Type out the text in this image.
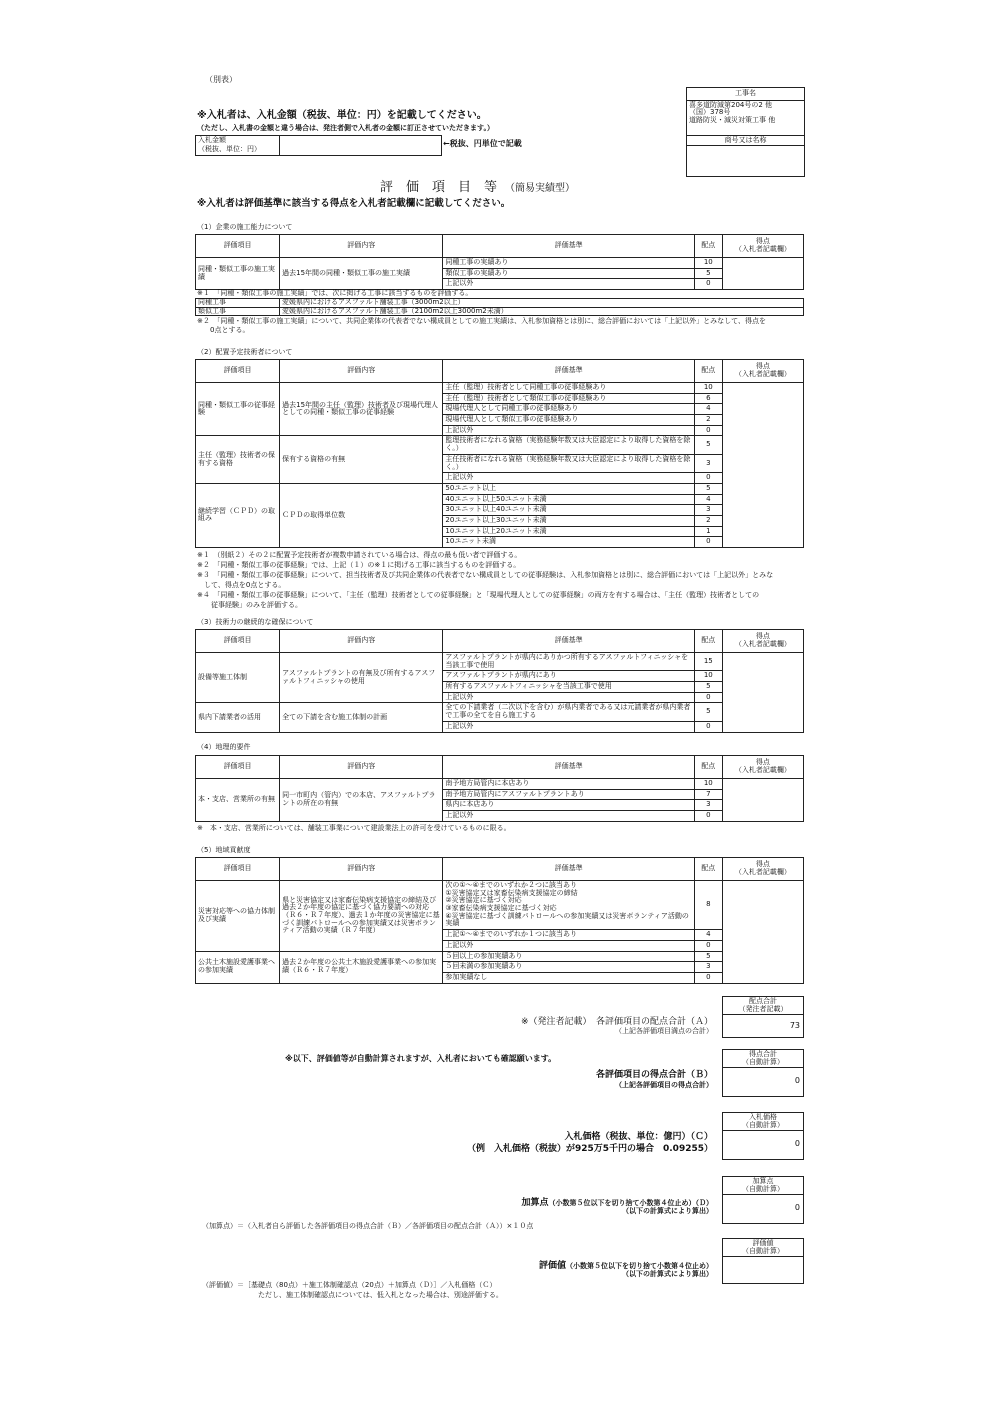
（別表）
※入札者は、入札金額（税抜、単位：円）を記載してください。
（ただし、入札書の金額と違う場合は、発注者側で入札者の金額に訂正させていただきます。）
入札金額
（税抜、単位：円）
←税抜、円単位で記載
工事名
喜多道防減第204号の2 他
（国）378号
道路防災・減災対策工事 他
商号又は名称
評　価　項　目　等　 （簡易実績型）
※入札者は評価基準に該当する得点を入札者記載欄に記載してください。
（1）企業の施工能力について
評価項目	評価内容	評価基準	配点	得点
（入札者記載欄）

同種・類似工事の施工実績	過去15年間の同種・類似工事の施工実績	同種工事の実績あり	10	
		類似工事の実績あり	5	
		上記以外	0	
※１　「同種・類似工事の施工実績」では、次に掲げる工事に該当するものを評価する。
同種工事	愛媛県内におけるアスファルト舗装工事（3000m2以上）
類似工事	愛媛県内におけるアスファルト舗装工事（2100m2以上3000m2未満）
※２　「同種・類似工事の施工実績」について、共同企業体の代表者でない構成員としての施工実績は、入札参加資格とは別に、総合評価においては「上記以外」とみなして、得点を
0点とする。
（2）配置予定技術者について
評価項目	評価内容	評価基準	配点	得点
（入札者記載欄）

同種・類似工事の従事経験	過去15年間の主任（監理）技術者及び現場代理人としての同種・類似工事の従事経験	主任（監理）技術者として同種工事の従事経験あり	10	
		主任（監理）技術者として類似工事の従事経験あり	6	
		現場代理人として同種工事の従事経験あり	4	
		現場代理人として類似工事の従事経験あり	2	
		上記以外	0	
主任（監理）技術者の保有する資格	保有する資格の有無	監理技術者になれる資格（実務経験年数又は大臣認定により取得した資格を除く。）	5	
		主任技術者になれる資格（実務経験年数又は大臣認定により取得した資格を除く。）	3	
		上記以外	0	
継続学習（ＣＰＤ）の取組み	ＣＰＤの取得単位数	50ユニット以上	5	
		40ユニット以上50ユニット未満	4	
		30ユニット以上40ユニット未満	3	
		20ユニット以上30ユニット未満	2	
		10ユニット以上20ユニット未満	1	
		10ユニット未満	0	
※１　（別紙２）その２に配置予定技術者が複数申請されている場合は、得点の最も低い者で評価する。
※２　「同種・類似工事の従事経験」では、上記（１）の※１に掲げる工事に該当するものを評価する。
※３　「同種・類似工事の従事経験」について、担当技術者及び共同企業体の代表者でない構成員としての従事経験は、入札参加資格とは別に、総合評価においては「上記以外」とみな
　して、得点を0点とする。
※４　「同種・類似工事の従事経験」について、「主任（監理）技術者としての従事経験」と「現場代理人としての従事経験」の両方を有する場合は、「主任（監理）技術者としての
　　従事経験」のみを評価する。
（3）技術力の継続的な確保について
評価項目	評価内容	評価基準	配点	得点
（入札者記載欄）

設備等施工体制	アスファルトプラントの有無及び所有するアスファルトフィニッシャの使用	アスファルトプラントが県内にありかつ所有するアスファルトフィニッシャを当該工事で使用	15	
		アスファルトプラントが県内にあり	10	
		所有するアスファルトフィニッシャを当該工事で使用	5	
		上記以外	0	
県内下請業者の活用	全ての下請を含む施工体制の計画	全ての下請業者（二次以下を含む）が県内業者である又は元請業者が県内業者で工事の全てを自ら施工する	5	
		上記以外	0	
（4）地理的要件
評価項目	評価内容	評価基準	配点	得点
（入札者記載欄）

本・支店、営業所の有無	同一市町内（管内）での本店、アスファルトプラントの所在の有無	南予地方局管内に本店あり	10	
		南予地方局管内にアスファルトプラントあり	7	
		県内に本店あり	3	
		上記以外	0	
※　本・支店、営業所については、舗装工事業について建設業法上の許可を受けているものに限る。
（5）地域貢献度
評価項目	評価内容	評価基準	配点	得点
（入札者記載欄）

災害対応等への協力体制及び実績	県と災害協定又は家畜伝染病支援協定の締結及び過去２か年度の協定に基づく協力要請への対応（Ｒ６・Ｒ７年度）、過去１か年度の災害協定に基づく訓練パトロールへの参加実績又は災害ボランティア活動の実績（Ｒ７年度）	次の①～④までのいずれか２つに該当あり
①災害協定又は家畜伝染病支援協定の締結
②災害協定に基づく対応
③家畜伝染病支援協定に基づく対応
④災害協定に基づく訓練パトロールへの参加実績又は災害ボランティア活動の実績	8	
		上記①～④までのいずれか１つに該当あり	4	
		上記以外	0	
公共土木施設愛護事業への参加実績	過去２か年度の公共土木施設愛護事業への参加実績（Ｒ６・Ｒ７年度）	５回以上の参加実績あり	5	
		５回未満の参加実績あり	3	
		参加実績なし	0	
配点合計
（発注者記載）
73
※（発注者記載）　各評価項目の配点合計（Ａ）
（上記各評価項目満点の合計）
※以下、評価値等が自動計算されますが、入札者においても確認願います。	得点合計
（自動計算）
0
各評価項目の得点合計（Ｂ）
（上記各評価項目の得点合計）
入札価格
（自動計算）
0
入札価格（税抜、単位：億円）（Ｃ）
（例　入札価格（税抜）が925万5千円の場合　0.09255）
加算点
（自動計算）
0
加算点（小数第５位以下を切り捨て小数第４位止め）（Ｄ）
（以下の計算式により算出）
（加算点）＝（入札者自ら評価した各評価項目の得点合計（Ｂ）／各評価項目の配点合計（Ａ））×１０点
評価値
（自動計算）
評価値（小数第５位以下を切り捨て小数第４位止め）
（以下の計算式により算出）
（評価値）＝［基礎点（80点）＋施工体制確認点（20点）＋加算点（Ｄ）］／入札価格（Ｃ）
ただし、施工体制確認点については、低入札となった場合は、別途評価する。
